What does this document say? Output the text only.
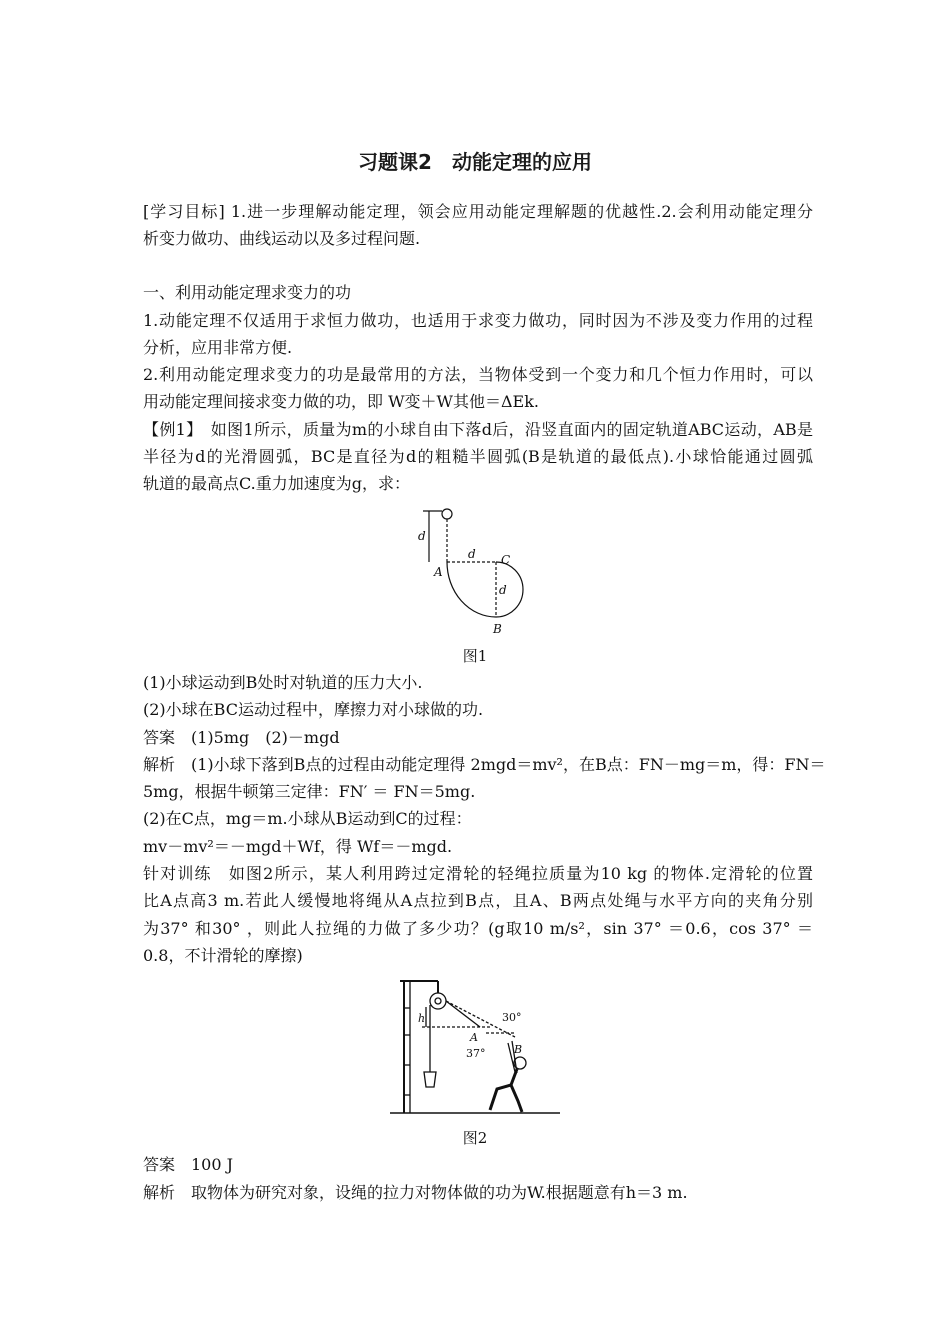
习题课2　动能定理的应用
[学习目标] 1.进一步理解动能定理，领会应用动能定理解题的优越性.2.会利用动能定理分
析变力做功、曲线运动以及多过程问题.
一、利用动能定理求变力的功
1.动能定理不仅适用于求恒力做功，也适用于求变力做功，同时因为不涉及变力作用的过程
分析，应用非常方便.
2.利用动能定理求变力的功是最常用的方法，当物体受到一个变力和几个恒力作用时，可以
用动能定理间接求变力做的功，即 W变＋W其他＝ΔEk.
【例1】　如图1所示，质量为m的小球自由下落d后，沿竖直面内的固定轨道ABC运动，AB是
半径为d的光滑圆弧，BC是直径为d的粗糙半圆弧(B是轨道的最低点).小球恰能通过圆弧
轨道的最高点C.重力加速度为g，求：
d
d
d
A
B
C
图1
(1)小球运动到B处时对轨道的压力大小.
(2)小球在BC运动过程中，摩擦力对小球做的功.
答案　(1)5mg　(2)－mgd
解析　(1)小球下落到B点的过程由动能定理得 2mgd＝mv²，在B点：FN－mg＝m，得：FN＝
5mg，根据牛顿第三定律：FN′ ＝ FN＝5mg.
(2)在C点，mg＝m.小球从B运动到C的过程：
mv－mv²＝－mgd＋Wf，得 Wf＝－mgd.
针对训练　如图2所示，某人利用跨过定滑轮的轻绳拉质量为10 kg 的物体.定滑轮的位置
比A点高3 m.若此人缓慢地将绳从A点拉到B点，且A、B两点处绳与水平方向的夹角分别
为37° 和30° ，则此人拉绳的力做了多少功？(g取10 m/s²，sin 37° ＝0.6，cos 37° ＝
0.8，不计滑轮的摩擦)
h
A
B
30°
37°
图2
答案　100 J
解析　取物体为研究对象，设绳的拉力对物体做的功为W.根据题意有h＝3 m.
